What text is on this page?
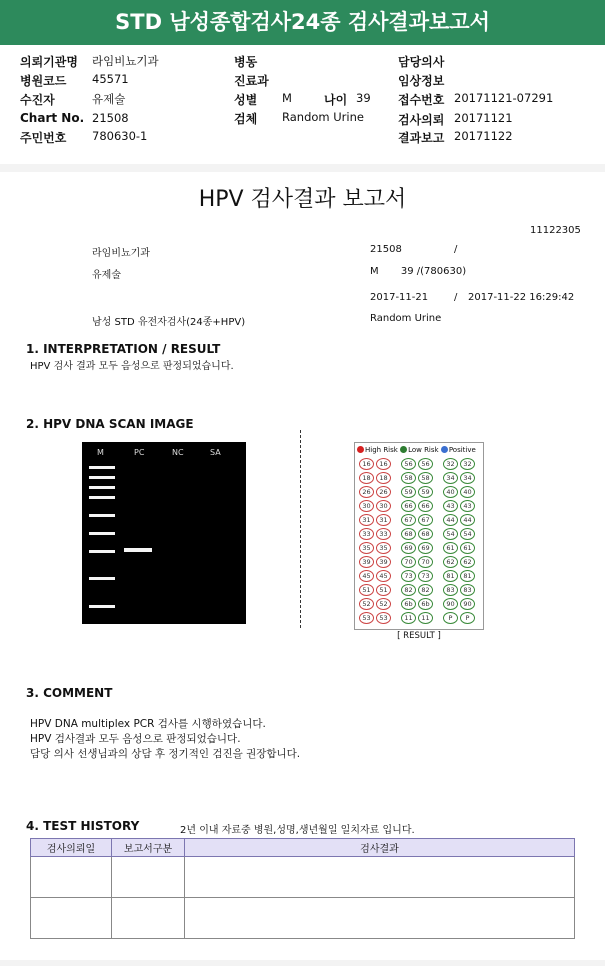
STD 남성종합검사24종 검사결과보고서
의뢰기관명 라임비뇨기과
병원코드 45571
수진자	유제술
Chart No. 21508
주민번호 780630-1
병동
진료과
성별 M	나이 39
검체 Random Urine
담당의사
임상정보
접수번호 20171121-07291
검사의뢰 20171121
결과보고 20171122
HPV 검사결과 보고서
11122305
라임비뇨기과	21508	/
유제술	M       39 /(780630)
2017-11-21	/ 2017-11-22 16:29:42
남성 STD 유전자검사(24종+HPV)	Random Urine
1. INTERPRETATION / RESULT
HPV 검사 결과 모두 음성으로 판정되었습니다.
2. HPV DNA SCAN IMAGE
M	PC	NC	SA	High Risk Low Risk Positive
16	16	56	56	32	32
18	18	58	58	34	34
26	26	59	59	40	40
30	30	66	66	43	43
31	31	67	67	44	44
33	33	68	68	54	54
35	35	69	69	61	61
39	39	70	70	62	62
45	45	73	73	81	81
51	51	82	82	83	83
52	52	6b	6b	90	90
53	53	11	11	P	P
[ RESULT ]
3. COMMENT
HPV DNA multiplex PCR 검사를 시행하였습니다.
HPV 검사결과 모두 음성으로 판정되었습니다.
담당 의사 선생님과의 상담 후 정기적인 검진을 권장합니다.
4. TEST HISTORY	2년 이내 자료중 병원,성명,생년월일 일치자료 입니다.
검사의뢰일	보고서구분	검사결과
